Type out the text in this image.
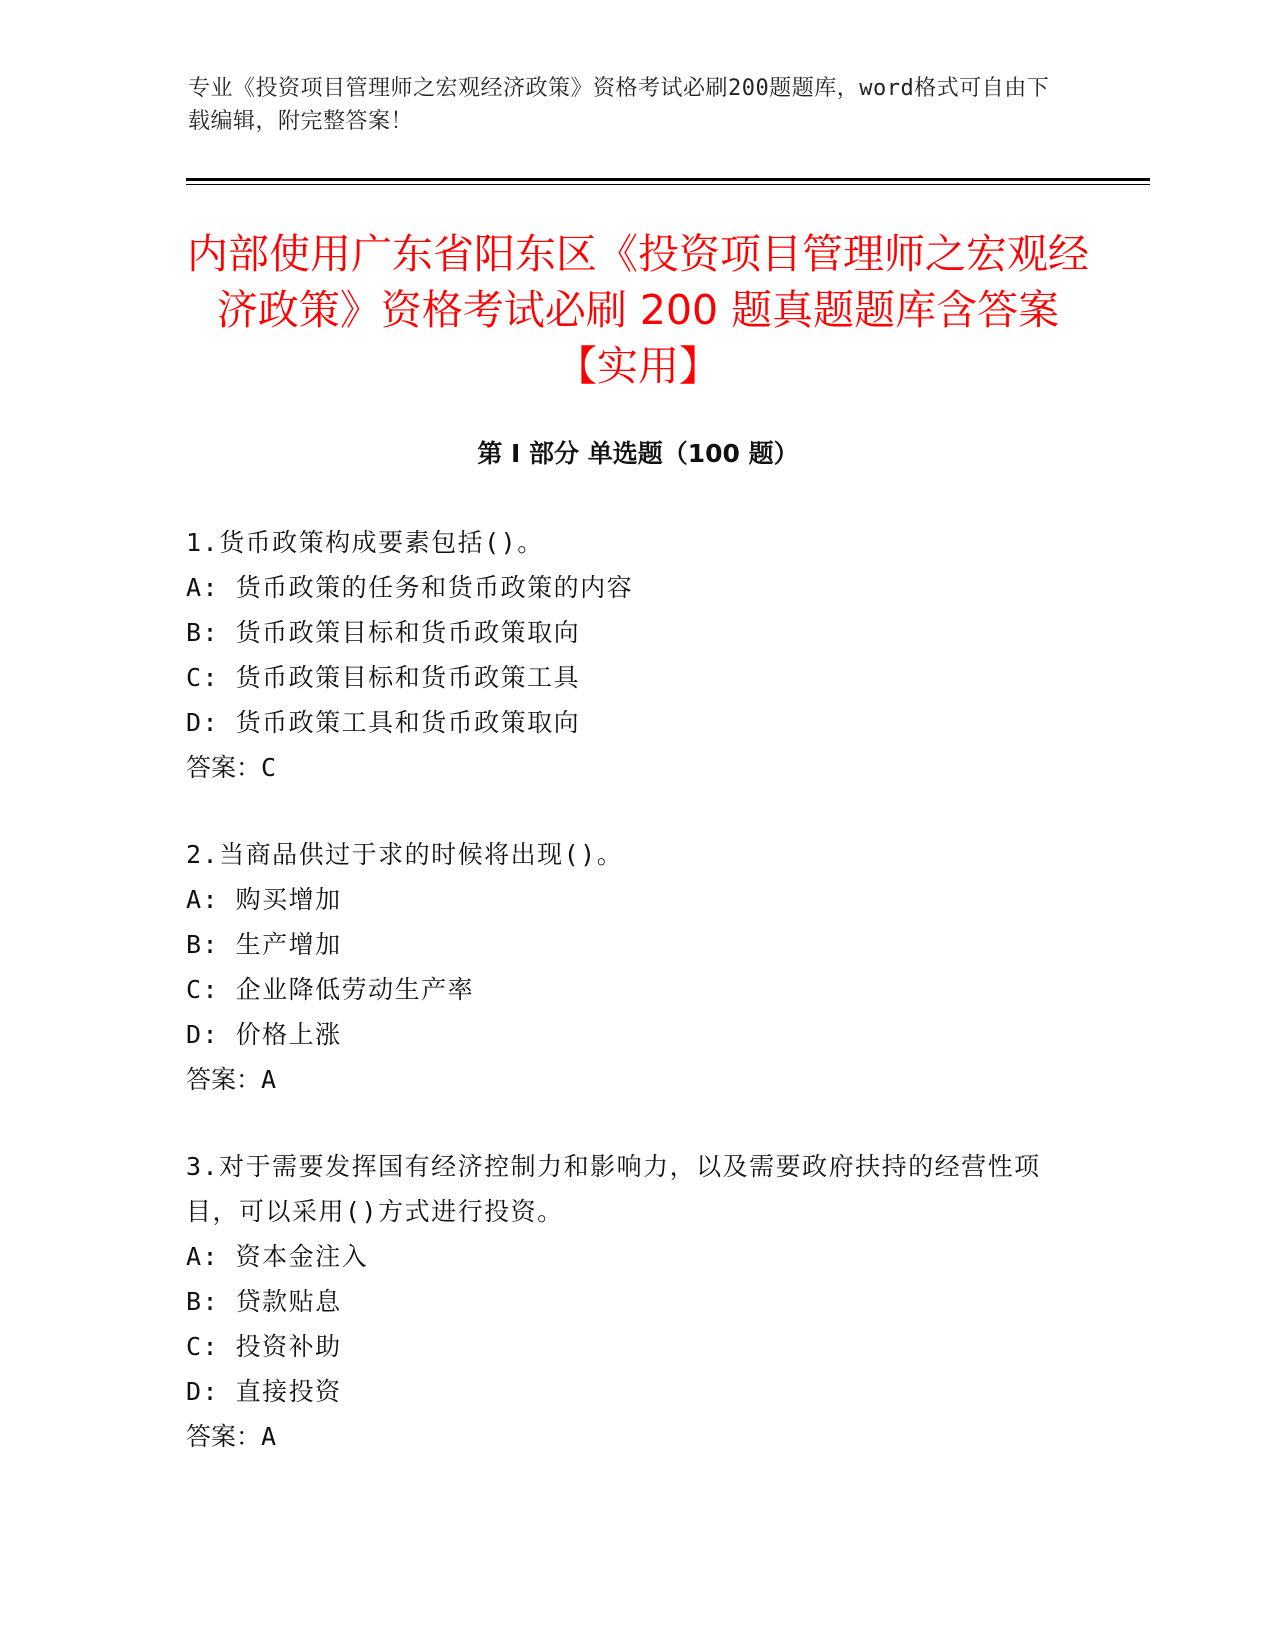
专业《投资项目管理师之宏观经济政策》资格考试必刷200题题库，word格式可自由下载编辑，附完整答案！
内部使用广东省阳东区《投资项目管理师之宏观经济政策》资格考试必刷 200 题真题题库含答案【实用】
第 I 部分 单选题（100 题）
1.货币政策构成要素包括()。
A: 货币政策的任务和货币政策的内容
B: 货币政策目标和货币政策取向
C: 货币政策目标和货币政策工具
D: 货币政策工具和货币政策取向
答案：C
2.当商品供过于求的时候将出现()。
A: 购买增加
B: 生产增加
C: 企业降低劳动生产率
D: 价格上涨
答案：A
3.对于需要发挥国有经济控制力和影响力，以及需要政府扶持的经营性项目，可以采用()方式进行投资。
A: 资本金注入
B: 贷款贴息
C: 投资补助
D: 直接投资
答案：A
